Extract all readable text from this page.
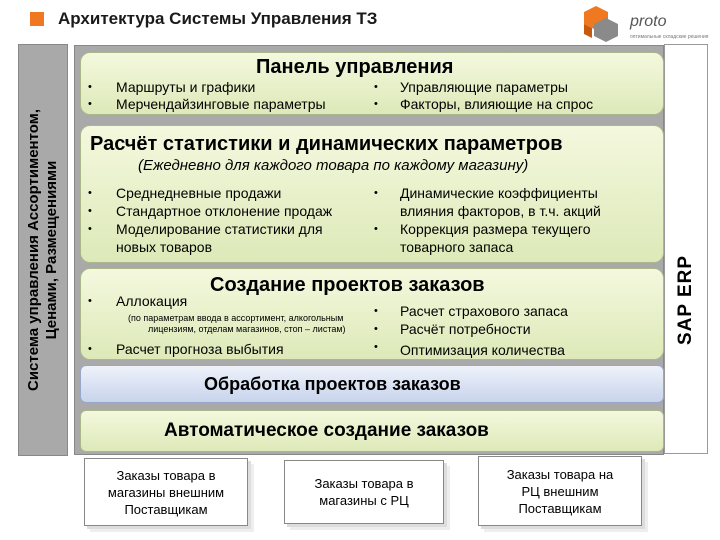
Архитектура Системы Управления ТЗ	proto
оптимальные складские решения
Система управления Ассортиментом, Ценами, Размещениями	SAP ERP
Панель управления
• Маршруты и графики
• Мерчендайзинговые параметры
• Управляющие параметры
• Факторы, влияющие на спрос
Расчёт статистики и динамических параметров
(Ежедневно для каждого товара по каждому магазину)
• Среднедневные продажи
• Стандартное отклонение продаж
• Моделирование статистики для
новых товаров
• Динамические коэффициенты
влияния факторов, в т.ч. акций
• Коррекция размера текущего
товарного запаса
Создание проектов заказов
• Аллокация
(по параметрам ввода в ассортимент, алкогольным
лицензиям, отделам магазинов, стоп – листам)
• Расчет прогноза выбытия
• Расчет страхового запаса
• Расчёт потребности
• Оптимизация количества
Обработка проектов заказов
Автоматическое создание заказов
Заказы товара в
магазины внешним
Поставщикам
Заказы товара в
магазины с РЦ
Заказы товара на
РЦ внешним
Поставщикам
